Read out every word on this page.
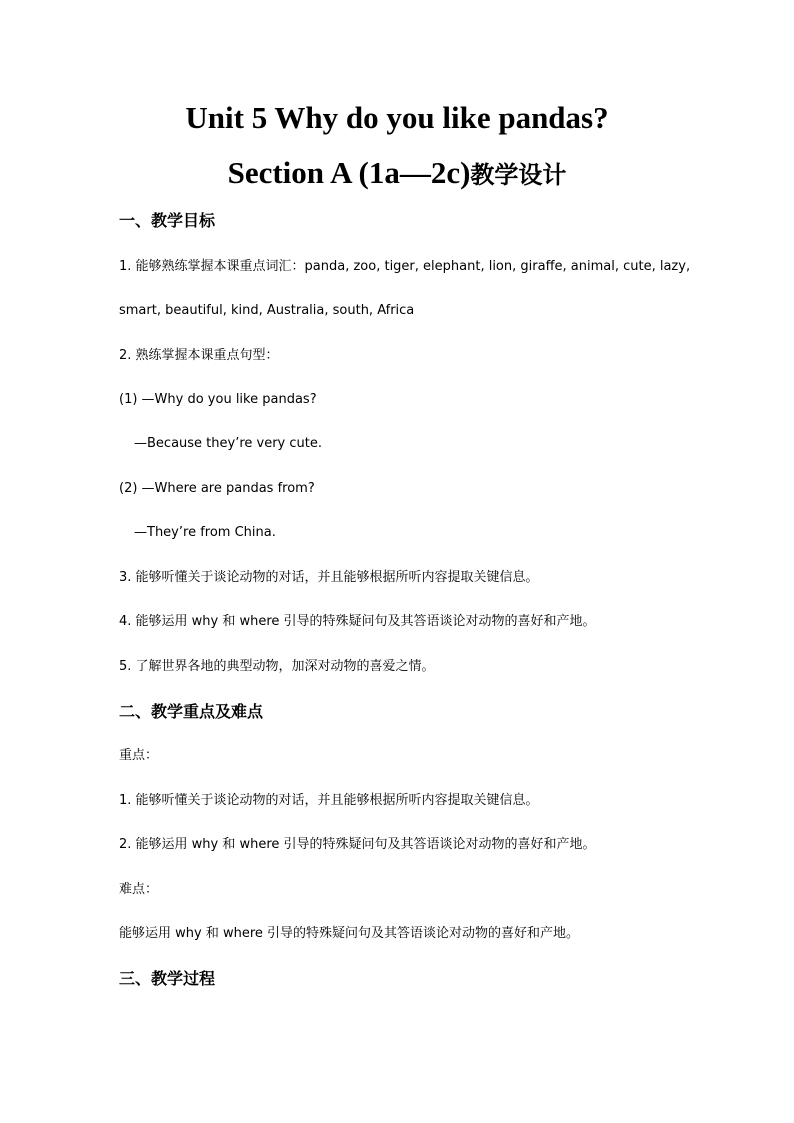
Unit 5 Why do you like pandas?
Section A (1a—2c)教学设计
一、教学目标
1. 能够熟练掌握本课重点词汇：panda, zoo, tiger, elephant, lion, giraffe, animal, cute, lazy,
smart, beautiful, kind, Australia, south, Africa
2. 熟练掌握本课重点句型：
(1) —Why do you like pandas?
—Because they’re very cute.
(2) —Where are pandas from?
—They’re from China.
3. 能够听懂关于谈论动物的对话，并且能够根据所听内容提取关键信息。
4. 能够运用 why 和 where 引导的特殊疑问句及其答语谈论对动物的喜好和产地。
5. 了解世界各地的典型动物，加深对动物的喜爱之情。
二、教学重点及难点
重点：
1. 能够听懂关于谈论动物的对话，并且能够根据所听内容提取关键信息。
2. 能够运用 why 和 where 引导的特殊疑问句及其答语谈论对动物的喜好和产地。
难点：
能够运用 why 和 where 引导的特殊疑问句及其答语谈论对动物的喜好和产地。
三、教学过程
